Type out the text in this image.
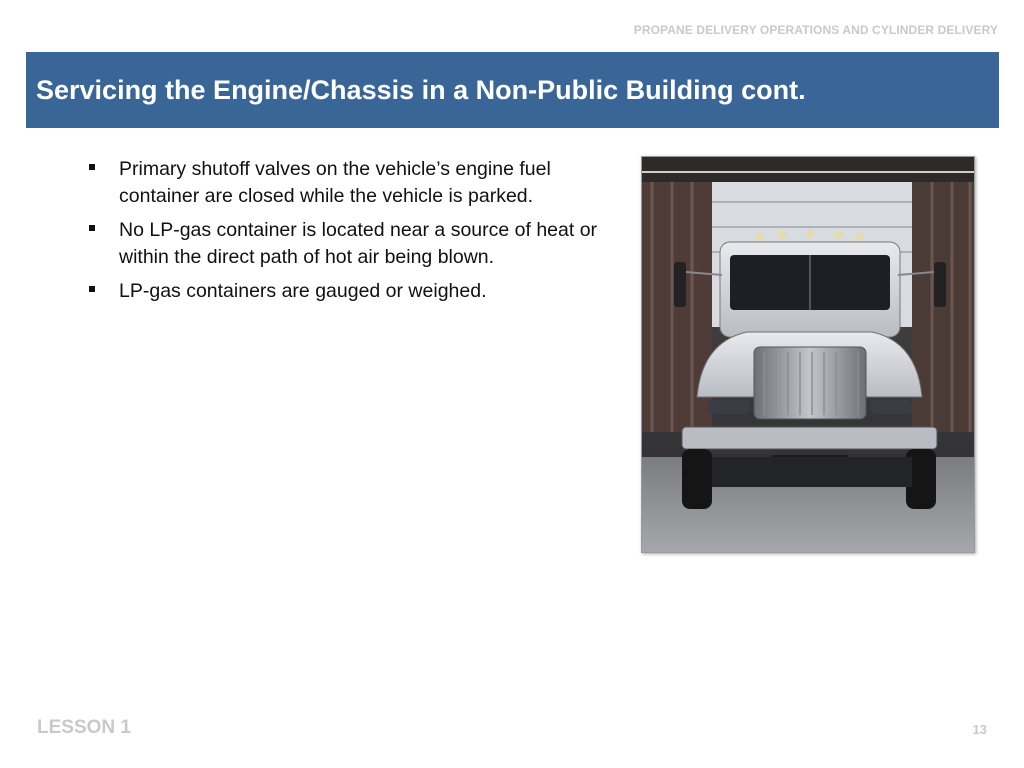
PROPANE DELIVERY OPERATIONS AND CYLINDER DELIVERY
Servicing the Engine/Chassis in a Non-Public Building cont.
Primary shutoff valves on the vehicle’s engine fuel container are closed while the vehicle is parked.
No LP-gas container is located near a source of heat or within the direct path of hot air being blown.
LP-gas containers are gauged or weighed.
LESSON 1	13
